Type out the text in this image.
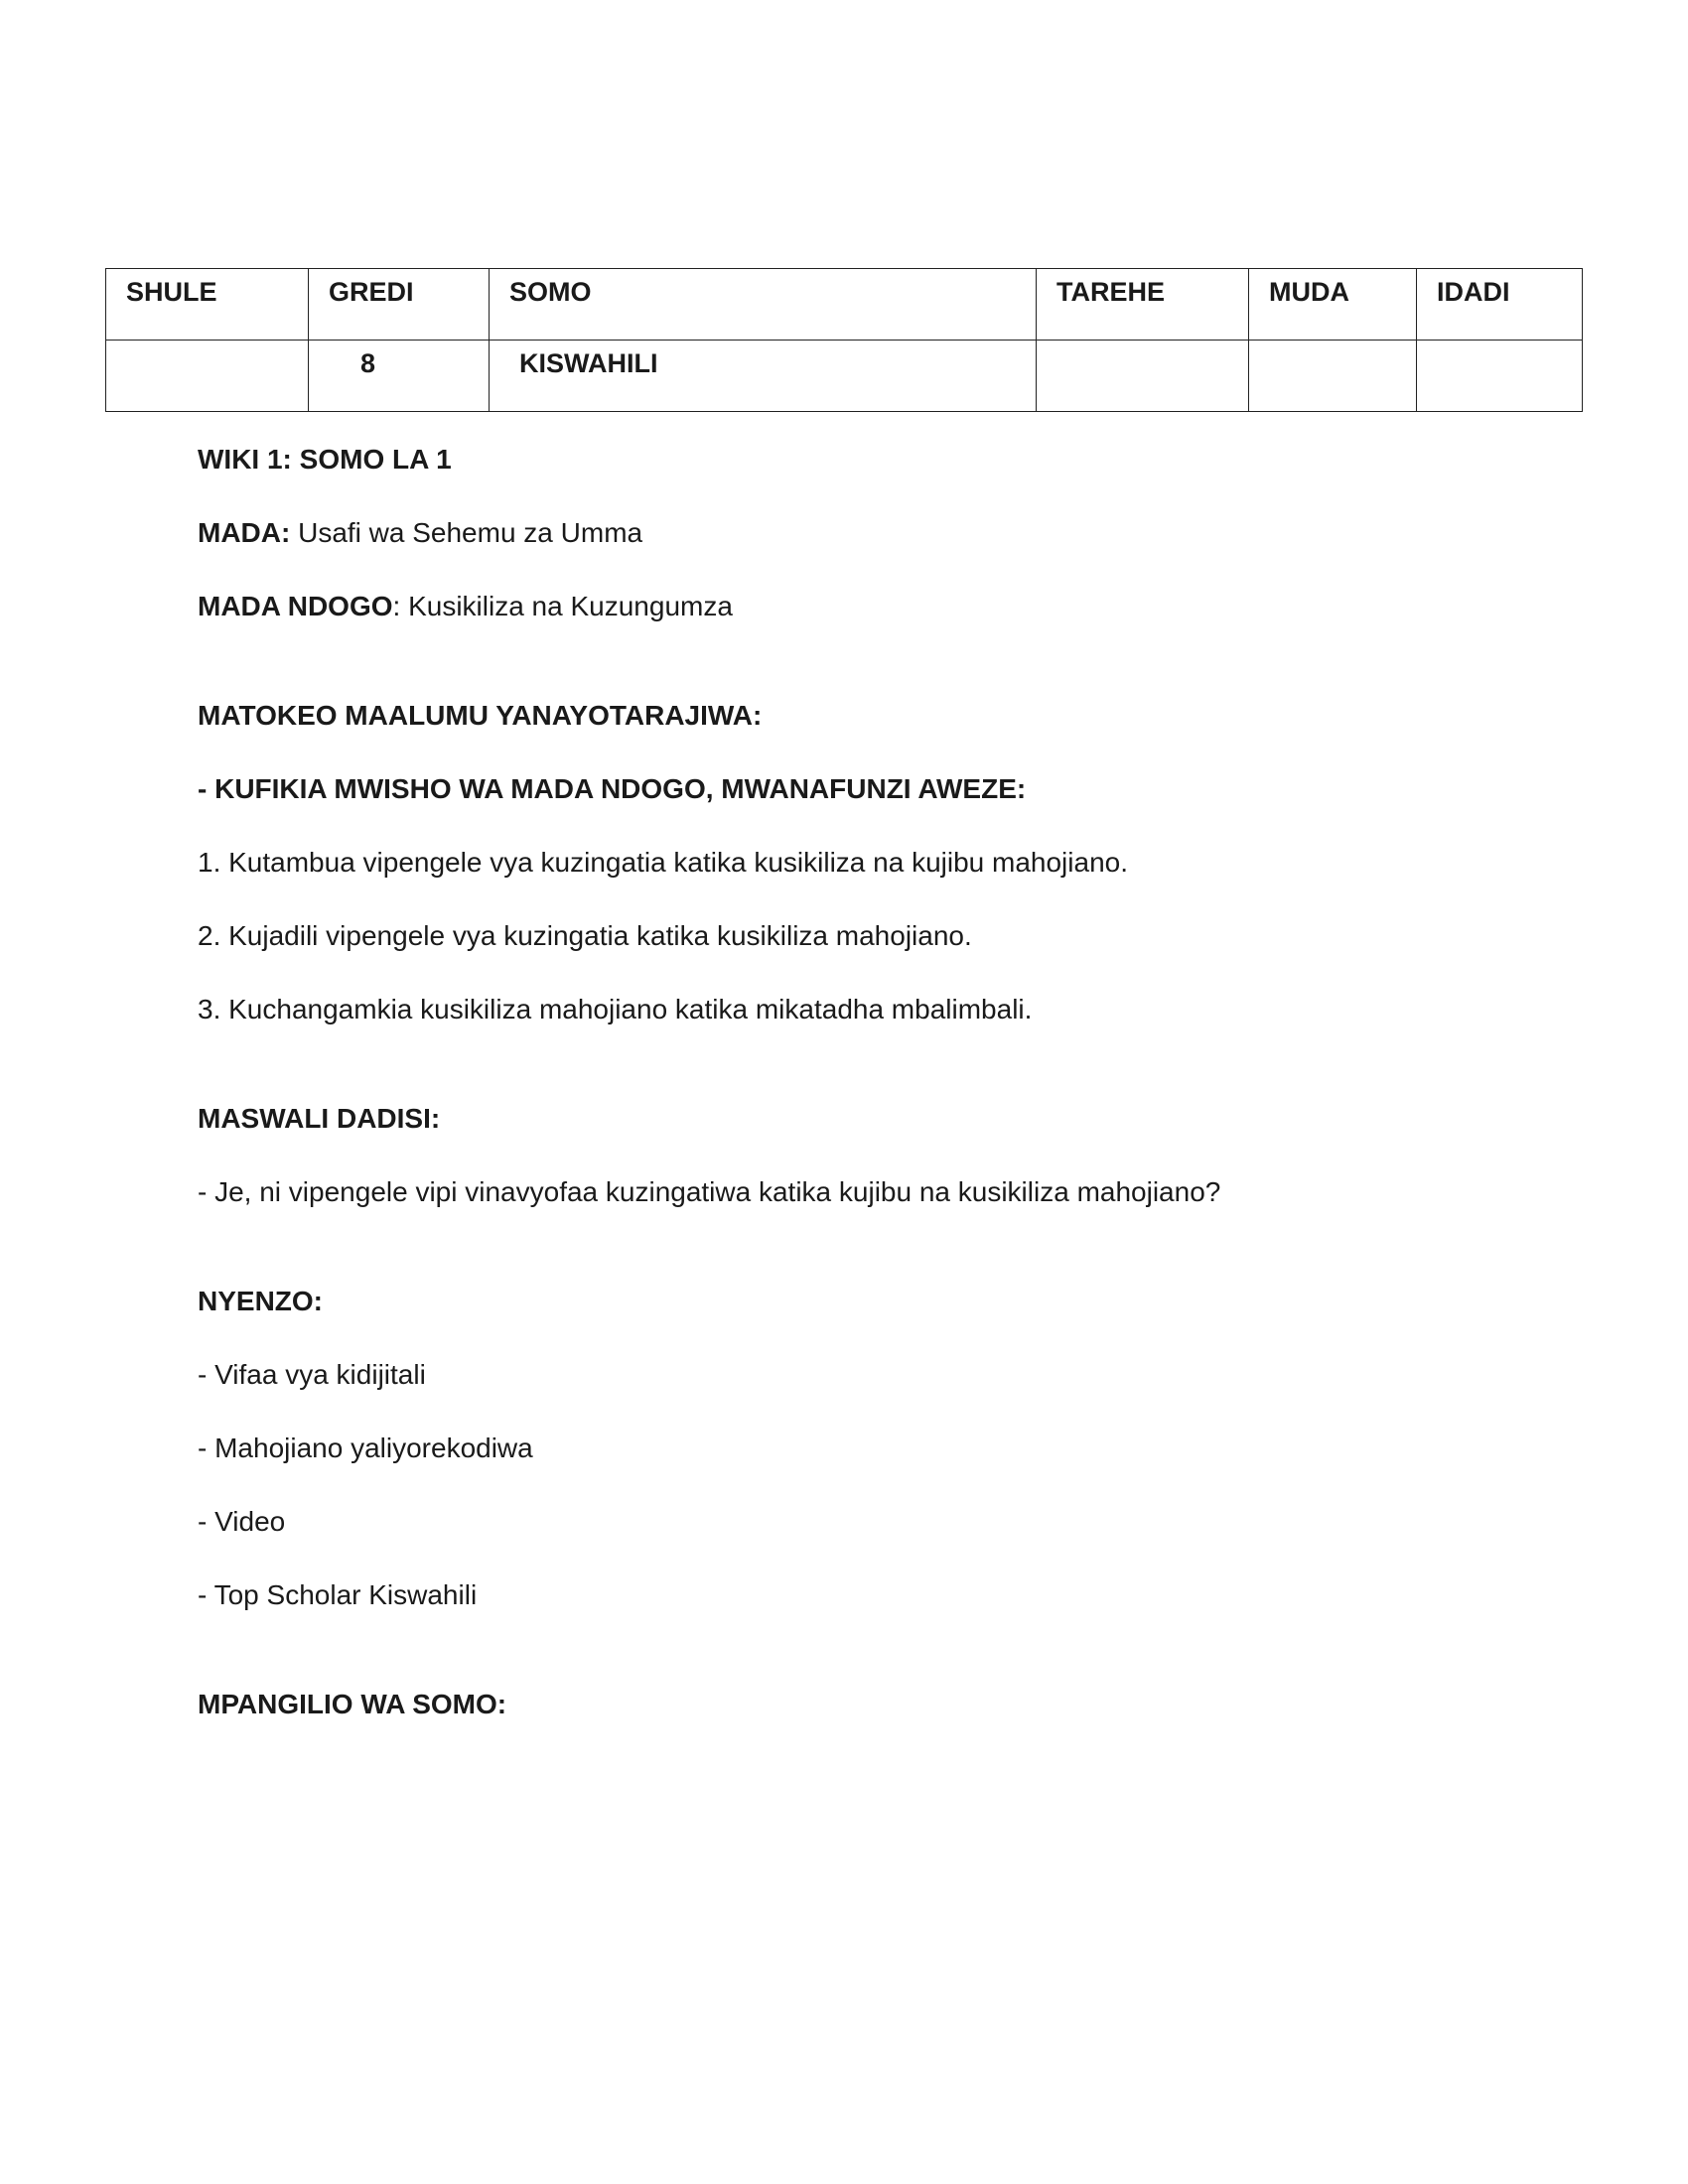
SHULE	GREDI	SOMO	TAREHE	MUDA	IDADI
	8	KISWAHILI			

WIKI 1: SOMO LA 1

MADA: Usafi wa Sehemu za Umma

MADA NDOGO: Kusikiliza na Kuzungumza

MATOKEO MAALUMU YANAYOTARAJIWA:

- KUFIKIA MWISHO WA MADA NDOGO, MWANAFUNZI AWEZE:

1. Kutambua vipengele vya kuzingatia katika kusikiliza na kujibu mahojiano.

2. Kujadili vipengele vya kuzingatia katika kusikiliza mahojiano.

3. Kuchangamkia kusikiliza mahojiano katika mikatadha mbalimbali.

MASWALI DADISI:

- Je, ni vipengele vipi vinavyofaa kuzingatiwa katika kujibu na kusikiliza mahojiano?

NYENZO:

- Vifaa vya kidijitali

- Mahojiano yaliyorekodiwa

- Video

- Top Scholar Kiswahili

MPANGILIO WA SOMO:
